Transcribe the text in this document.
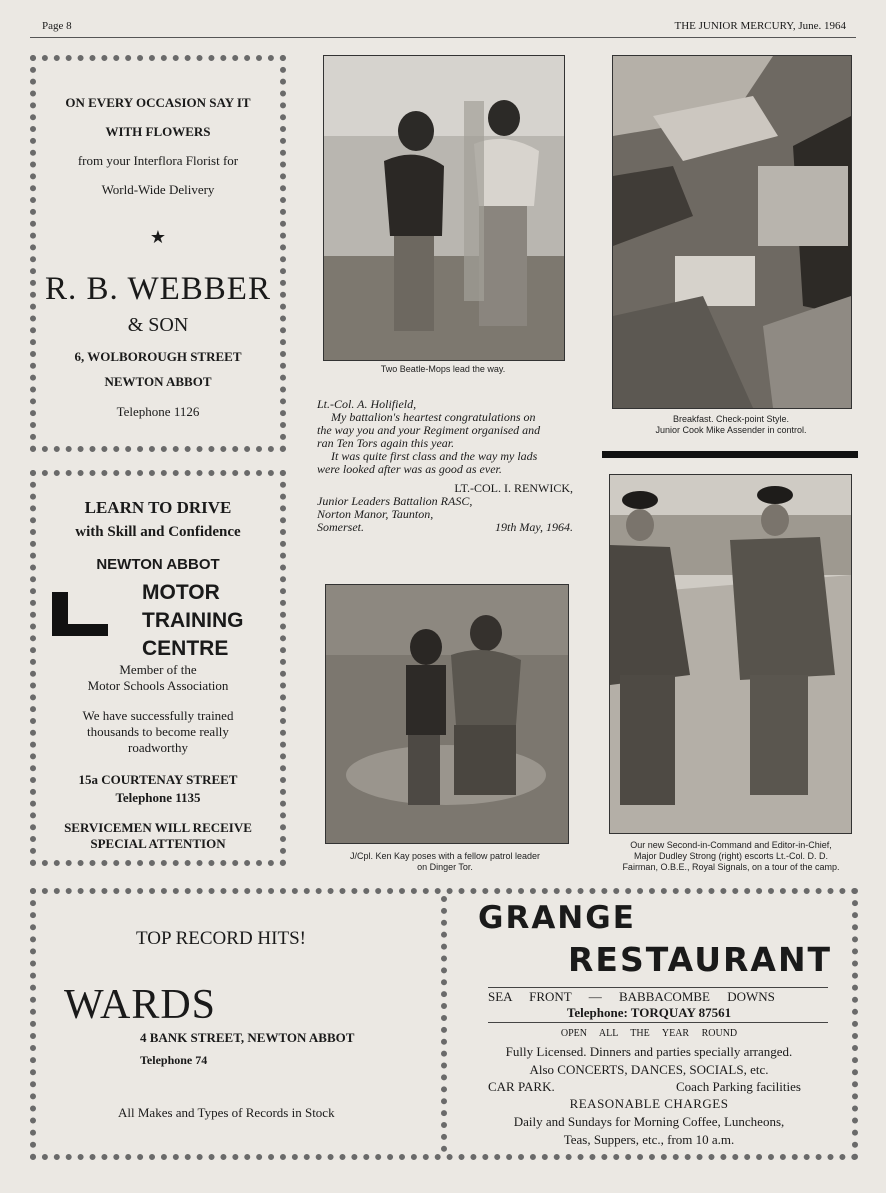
Page 8	THE JUNIOR MERCURY, June. 1964
ON EVERY OCCASION SAY IT
WITH FLOWERS
from your Interflora Florist for
World-Wide Delivery
★
R. B. WEBBER
& SON
6, WOLBOROUGH STREET
NEWTON ABBOT
Telephone 1126
LEARN TO DRIVE
with Skill and Confidence
NEWTON ABBOT
MOTOR
TRAINING
CENTRE
Member of the
Motor Schools Association
We have successfully trained
thousands to become really
roadworthy
15a COURTENAY STREET
Telephone 1135
SERVICEMEN WILL RECEIVE
SPECIAL ATTENTION
Two Beatle-Mops lead the way.
Breakfast. Check-point Style.
Junior Cook Mike Assender in control.
Lt.-Col. A. Holifield,
My battalion's heartest congratulations on
the way you and your Regiment organised and
ran Ten Tors again this year.
It was quite first class and the way my lads
were looked after was as good as ever.
LT.-COL. I. RENWICK,
Junior Leaders Battalion RASC,
Norton Manor, Taunton,
Somerset.	19th May, 1964.
J/Cpl. Ken Kay poses with a fellow patrol leader
on Dinger Tor.
Our new Second-in-Command and Editor-in-Chief,
Major Dudley Strong (right) escorts Lt.-Col. D. D.
Fairman, O.B.E., Royal Signals, on a tour of the camp.
TOP RECORD HITS!
WARDS
4 BANK STREET, NEWTON ABBOT
Telephone 74
All Makes and Types of Records in Stock
GRANGE
RESTAURANT
SEA FRONT — BABBACOMBE DOWNS
Telephone: TORQUAY 87561
OPEN ALL THE YEAR ROUND
Fully Licensed. Dinners and parties specially arranged.
Also CONCERTS, DANCES, SOCIALS, etc.
CAR PARK.	Coach Parking facilities
REASONABLE CHARGES
Daily and Sundays for Morning Coffee, Luncheons,
Teas, Suppers, etc., from 10 a.m.
